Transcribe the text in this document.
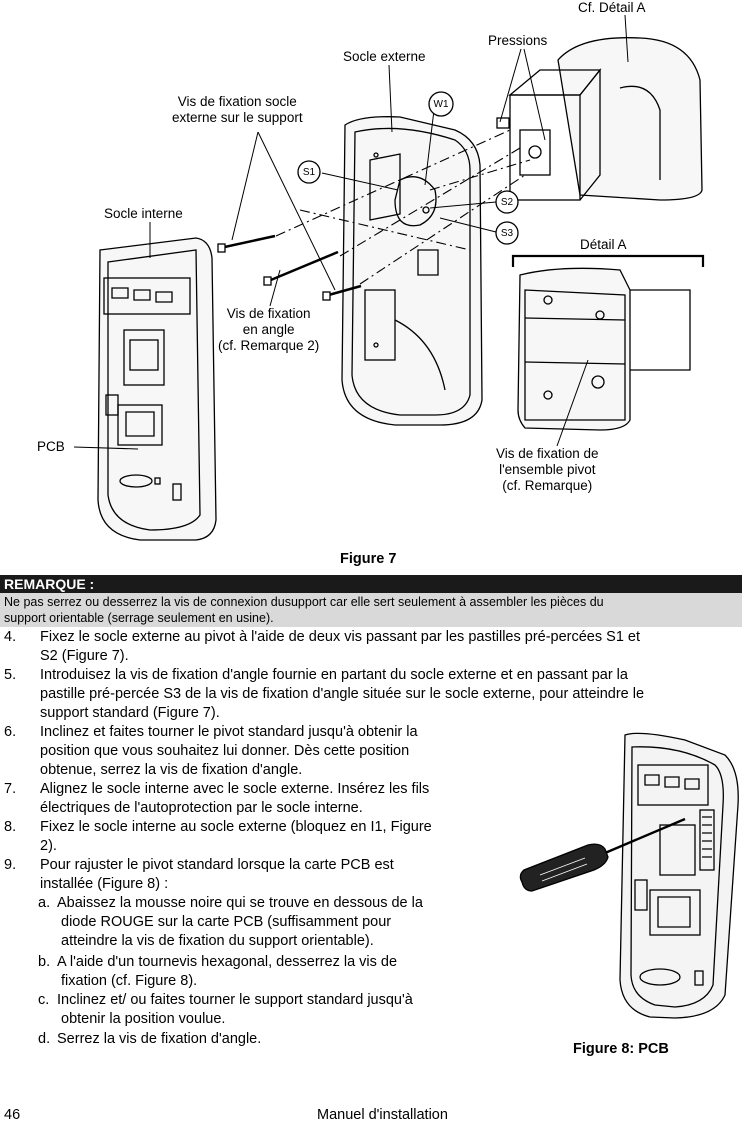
W1
S1
S2
S3
Cf. Détail A
Pressions
Socle externe
Vis de fixation socle
externe sur le support
Socle interne
Détail A
Vis de fixation
en angle
(cf. Remarque 2)
PCB	Vis de fixation de
l'ensemble pivot
(cf. Remarque)
Figure 7
REMARQUE :
Ne pas serrez ou desserrez la vis de connexion dusupport car elle sert seulement à assembler les pièces du
support orientable (serrage seulement en usine).
4. Fixez le socle externe au pivot à l'aide de deux vis passant par les pastilles pré-percées S1 et
S2 (Figure 7).
5. Introduisez la vis de fixation d'angle fournie en partant du socle externe et en passant par la
pastille pré-percée S3 de la vis de fixation d'angle située sur le socle externe, pour atteindre le
support standard (Figure 7).
6. Inclinez et faites tourner le pivot standard jusqu'à obtenir la
position que vous souhaitez lui donner. Dès cette position
obtenue, serrez la vis de fixation d'angle.
7. Alignez le socle interne avec le socle externe. Insérez les fils
électriques de l'autoprotection par le socle interne.
8. Fixez le socle interne au socle externe (bloquez en I1, Figure
2).
9. Pour rajuster le pivot standard lorsque la carte PCB est
installée (Figure 8) :
a. Abaissez la mousse noire qui se trouve en dessous de la
diode ROUGE sur la carte PCB (suffisamment pour
atteindre la vis de fixation du support orientable).
b. A l'aide d'un tournevis hexagonal, desserrez la vis de
fixation (cf. Figure 8).
c. Inclinez et/ ou faites tourner le support standard jusqu'à
obtenir la position voulue.
d. Serrez la vis de fixation d'angle.
Figure 8: PCB
46	Manuel d'installation
